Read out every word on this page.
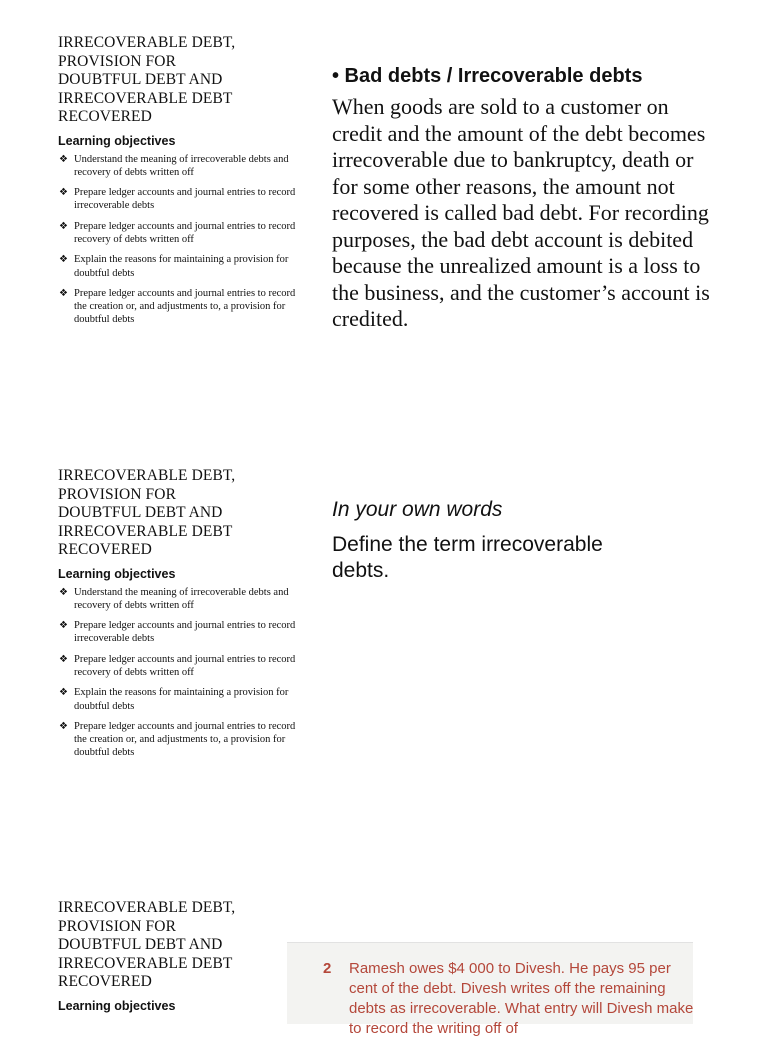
IRRECOVERABLE DEBT,
PROVISION FOR
DOUBTFUL DEBT AND
IRRECOVERABLE DEBT
RECOVERED
Learning objectives
❖ Understand the meaning of irrecoverable debts and recovery of debts written off
❖ Prepare ledger accounts and journal entries to record irrecoverable debts
❖ Prepare ledger accounts and journal entries to record recovery of debts written off
❖ Explain the reasons for maintaining a provision for doubtful debts
❖ Prepare ledger accounts and journal entries to record the creation or, and adjustments to, a provision for doubtful debts
• Bad debts / Irrecoverable debts

When goods are sold to a customer on credit and the amount of the debt becomes irrecoverable due to bankruptcy, death or for some other reasons, the amount not recovered is called bad debt. For recording purposes, the bad debt account is debited because the unrealized amount is a loss to the business, and the customer’s account is credited.

IRRECOVERABLE DEBT,
PROVISION FOR
DOUBTFUL DEBT AND
IRRECOVERABLE DEBT
RECOVERED
Learning objectives
❖ Understand the meaning of irrecoverable debts and recovery of debts written off
❖ Prepare ledger accounts and journal entries to record irrecoverable debts
❖ Prepare ledger accounts and journal entries to record recovery of debts written off
❖ Explain the reasons for maintaining a provision for doubtful debts
❖ Prepare ledger accounts and journal entries to record the creation or, and adjustments to, a provision for doubtful debts
In your own words

Define the term irrecoverable debts.

IRRECOVERABLE DEBT,
PROVISION FOR
DOUBTFUL DEBT AND
IRRECOVERABLE DEBT
RECOVERED
Learning objectives
2 Ramesh owes $4 000 to Divesh. He pays 95 per cent of the debt. Divesh writes off the remaining debts as irrecoverable. What entry will Divesh make to record the writing off of
